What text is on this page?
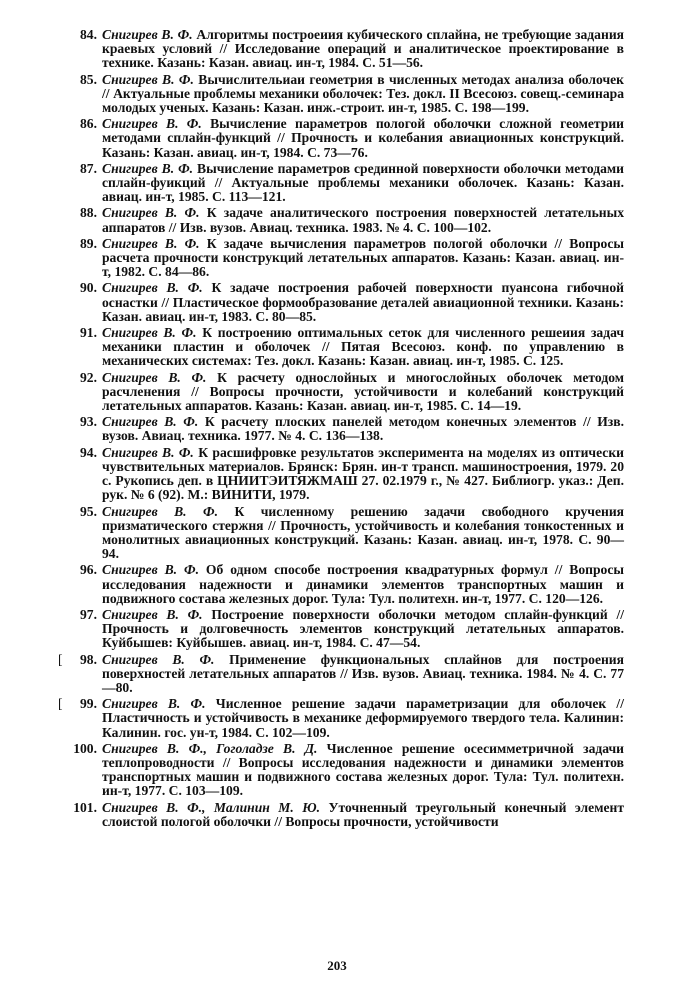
84. Снигирев В. Ф. Алгоритмы построеиия кубического сплайна, не требующие задания краевых условий // Исследование операций и аналитическое проектирование в технике. Казань: Казан. авиац. ин-т, 1984. С. 51—56.
85. Снигирев В. Ф. Вычислительиаи геометрия в численных методах анализа оболочек // Актуальные проблемы механики оболочек: Тез. докл. II Всесоюз. совещ.-семинара молодых ученых. Казань: Казан. инж.-строит. ин-т, 1985. С. 198—199.
86. Снигирев В. Ф. Вычисление параметров пологой оболочки сложной геометрии методами сплайн-функций // Прочность и колебания авиационных конструкций. Казань: Казан. авиац. ин-т, 1984. С. 73—76.
87. Снигирев В. Ф. Вычисление параметров срединной поверхности оболочки методами сплайн-фуикций // Актуальные проблемы механики оболочек. Казань: Казан. авиац. ин-т, 1985. С. 113—121.
88. Снигирев В. Ф. К задаче аналитического построения поверхностей летательных аппаратов // Изв. вузов. Авиац. техника. 1983. № 4. С. 100—102.
89. Снигирев В. Ф. К задаче вычисления параметров пологой оболочки // Вопросы расчета прочности конструкций летательных аппаратов. Казань: Казан. авиац. ин-т, 1982. С. 84—86.
90. Снигирев В. Ф. К задаче построения рабочей поверхности пуансона гибочной оснастки // Пластическое формообразование деталей авиационной техники. Казань: Казан. авиац. ин-т, 1983. С. 80—85.
91. Снигирев В. Ф. К построению оптимальных сеток для численного решеиия задач механики пластин и оболочек // Пятая Всесоюз. конф. по управлению в механических системах: Тез. докл. Казань: Казан. авиац. ин-т, 1985. С. 125.
92. Снигирев В. Ф. К расчету однослойных и многослойных оболочек методом расчленения // Вопросы прочности, устойчивости и колебаний конструкций летательных аппаратов. Казань: Казан. авиац. ин-т, 1985. С. 14—19.
93. Снигирев В. Ф. К расчету плоских панелей методом конечных элементов // Изв. вузов. Авиац. техника. 1977. № 4. С. 136—138.
94. Снигирев В. Ф. К расшифровке результатов эксперимента на моделях из оптически чувствительных материалов. Брянск: Брян. ин-т трансп. машиностроения, 1979. 20 с. Рукопись деп. в ЦНИИТЭИТЯЖМАШ 27. 02.1979 г., № 427. Библиогр. указ.: Деп. рук. № 6 (92). М.: ВИНИТИ, 1979.
95. Снигирев В. Ф. К численному решению задачи свободного кручения призматического стержня // Прочность, устойчивость и колебания тонкостенных и монолитных авиационных конструкций. Казань: Казан. авиац. ин-т, 1978. С. 90—94.
96. Снигирев В. Ф. Об одном способе построения квадратурных формул // Вопросы исследования надежности и динамики элементов транспортных машин и подвижного состава железных дорог. Тула: Тул. политехн. ин-т, 1977. С. 120—126.
97. Снигирев В. Ф. Построение поверхности оболочки методом сплайн-функций // Прочность и долговечность элементов конструкций летательных аппаратов. Куйбышев: Куйбышев. авиац. ин-т, 1984. С. 47—54.
[ 98. Снигирев В. Ф. Применение функциональных сплайнов для построения поверхностей летательных аппаратов // Изв. вузов. Авиац. техника. 1984. № 4. С. 77—80.
[ 99. Снигирев В. Ф. Численное решение задачи параметризации для оболочек // Пластичность и устойчивость в механике деформируемого твердого тела. Калинин: Калинин. гос. ун-т, 1984. С. 102—109.
100. Снигирев В. Ф., Гоголадзе В. Д. Численное решение осесимметричной задачи теплопроводности // Вопросы исследования надежности и динамики элементов транспортных машин и подвижного состава железных дорог. Тула: Тул. политехн. ин-т, 1977. С. 103—109.
101. Снигирев В. Ф., Малинин М. Ю. Уточненный треугольный конечный элемент слоистой пологой оболочки // Вопросы прочности, устойчивости
203
